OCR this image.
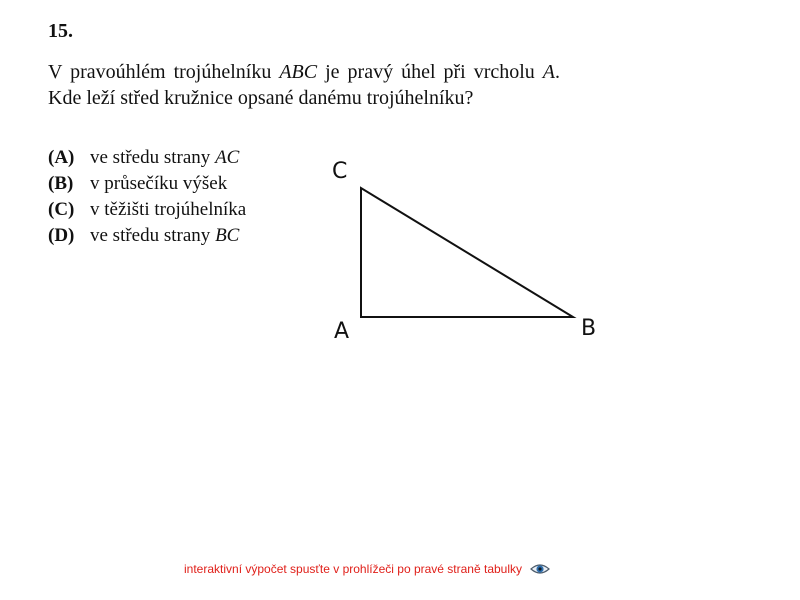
15.

V pravoúhlém trojúhelníku ABC je pravý úhel při vrcholu A. Kde leží střed kružnice opsané danému trojúhelníku?

(A) ve středu strany AC
(B) v průsečíku výšek
(C) v těžišti trojúhelníka
(D) ve středu strany BC
C
A	B
interaktivní výpočet spusťte v prohlížeči po pravé straně tabulky
